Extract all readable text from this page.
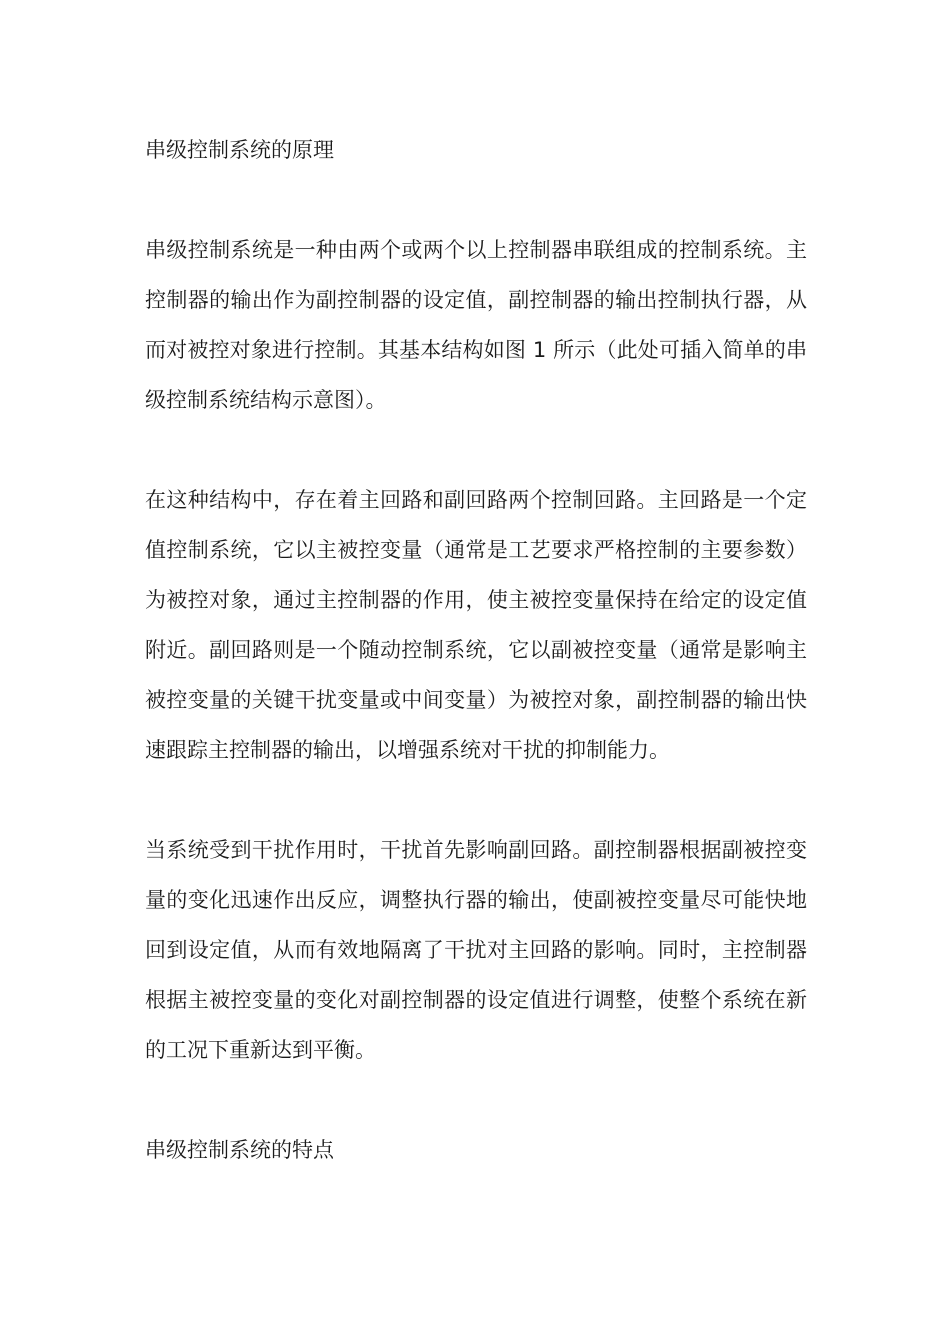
串级控制系统的原理

串级控制系统是一种由两个或两个以上控制器串联组成的控制系统。主控制器的输出作为副控制器的设定值，副控制器的输出控制执行器，从而对被控对象进行控制。其基本结构如图 1 所示（此处可插入简单的串级控制系统结构示意图）。

在这种结构中，存在着主回路和副回路两个控制回路。主回路是一个定值控制系统，它以主被控变量（通常是工艺要求严格控制的主要参数）为被控对象，通过主控制器的作用，使主被控变量保持在给定的设定值附近。副回路则是一个随动控制系统，它以副被控变量（通常是影响主被控变量的关键干扰变量或中间变量）为被控对象，副控制器的输出快速跟踪主控制器的输出，以增强系统对干扰的抑制能力。

当系统受到干扰作用时，干扰首先影响副回路。副控制器根据副被控变量的变化迅速作出反应，调整执行器的输出，使副被控变量尽可能快地回到设定值，从而有效地隔离了干扰对主回路的影响。同时，主控制器根据主被控变量的变化对副控制器的设定值进行调整，使整个系统在新的工况下重新达到平衡。

串级控制系统的特点
